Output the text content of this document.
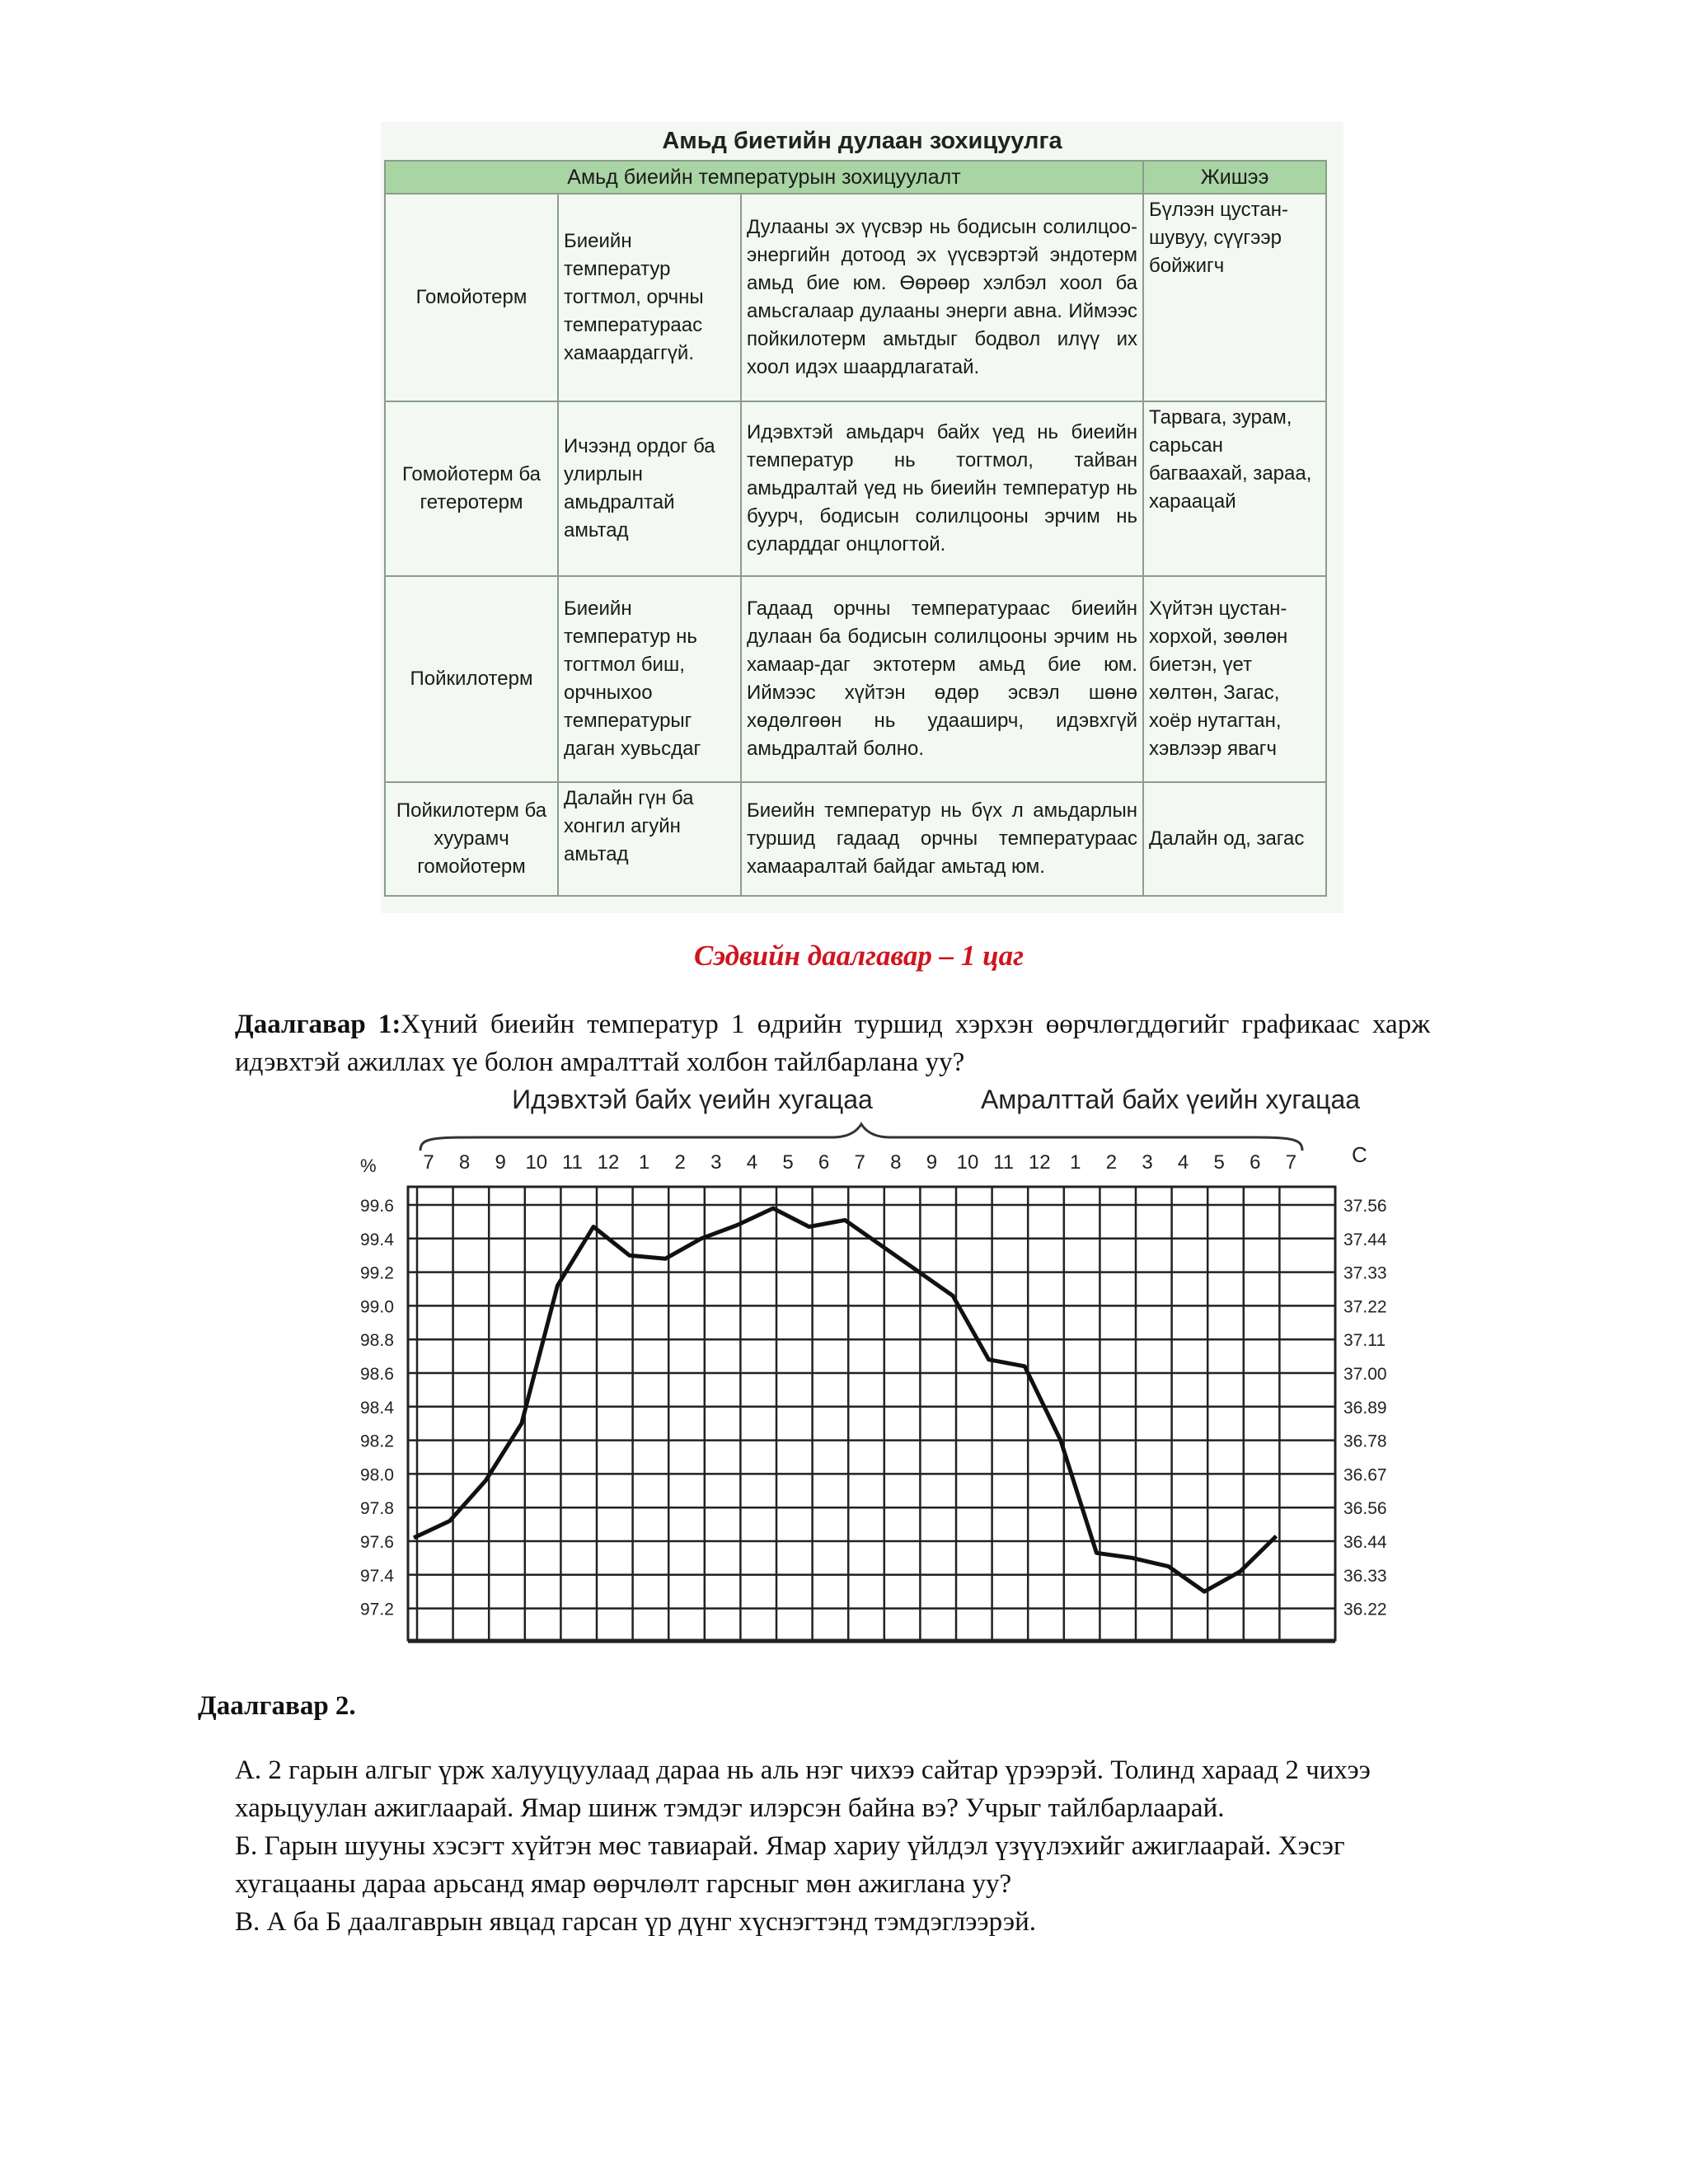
Амьд биетийн дулаан зохицуулга
Амьд биеийн температурын зохицуулалт			Жишээ
Гомойотерм	Биеийн температур тогтмол, орчны температураас хамаардаггүй.	Дулааны эх үүсвэр нь бодисын солилцоо-энергийн дотоод эх үүсвэртэй эндотерм амьд бие юм. Өөрөөр хэлбэл хоол ба амьсгалаар дулааны энерги авна. Иймээс пойкилотерм амьтдыг бодвол илүү их хоол идэх шаардлагатай.	Бүлээн цустан-шувуу, сүүгээр бойжигч
Гомойотерм ба гетеротерм	Ичээнд ордог ба улирлын амьдралтай амьтад	Идэвхтэй амьдарч байх үед нь биеийн температур нь тогтмол, тайван амьдралтай үед нь биеийн температур нь буурч, бодисын солилцооны эрчим нь суларддаг онцлогтой.	Тарвага, зурам, сарьсан багваахай, зараа, хараацай
Пойкилотерм	Биеийн температур нь тогтмол биш, орчныхоо температурыг даган хувьсдаг	Гадаад орчны температураас биеийн дулаан ба бодисын солилцооны эрчим нь хамаар-даг эктотерм амьд бие юм. Иймээс хүйтэн өдөр эсвэл шөнө хөдөлгөөн нь удааширч, идэвхгүй амьдралтай болно.	Хүйтэн цустан-хорхой, зөөлөн биетэн, үет хөлтөн, Загас, хоёр нутагтан, хэвлээр явагч
Пойкилотерм ба хуурамч гомойотерм	Далайн гүн ба хонгил агуйн амьтад	Биеийн температур нь бүх л амьдарлын туршид гадаад орчны температураас хамааралтай байдаг амьтад юм.	Далайн од, загас
Сэдвийн даалгавар – 1 цаг
Даалгавар 1:Хүний биеийн температур 1 өдрийн туршид хэрхэн өөрчлөгддөгийг графикаас харж идэвхтэй ажиллах үе болон амралттай холбон тайлбарлана уу?
Идэвхтэй байх үеийн хугацаа	Амралттай байх үеийн хугацаа
%	C
7 8 9 10 11 12 1 2 3 4 5 6 7 8 9 10 11 12 1 2 3 4 5 6 7
99.6
99.4
99.2
99.0
98.8
98.6
98.4
98.2
98.0
97.8
97.6
97.4
97.2
37.56
37.44
37.33
37.22
37.11
37.00
36.89
36.78
36.67
36.56
36.44
36.33
36.22
Даалгавар 2.

А. 2 гарын алгыг үрж халууцуулаад дараа нь аль нэг чихээ сайтар үрээрэй. Толинд хараад 2 чихээ харьцуулан ажиглаарай. Ямар шинж тэмдэг илэрсэн байна вэ? Учрыг тайлбарлаарай.

Б. Гарын шууны хэсэгт хүйтэн мөс тавиарай. Ямар хариу үйлдэл үзүүлэхийг ажиглаарай. Хэсэг хугацааны дараа арьсанд ямар өөрчлөлт гарсныг мөн ажиглана уу?

В. А ба Б даалгаврын явцад гарсан үр дүнг хүснэгтэнд тэмдэглээрэй.
